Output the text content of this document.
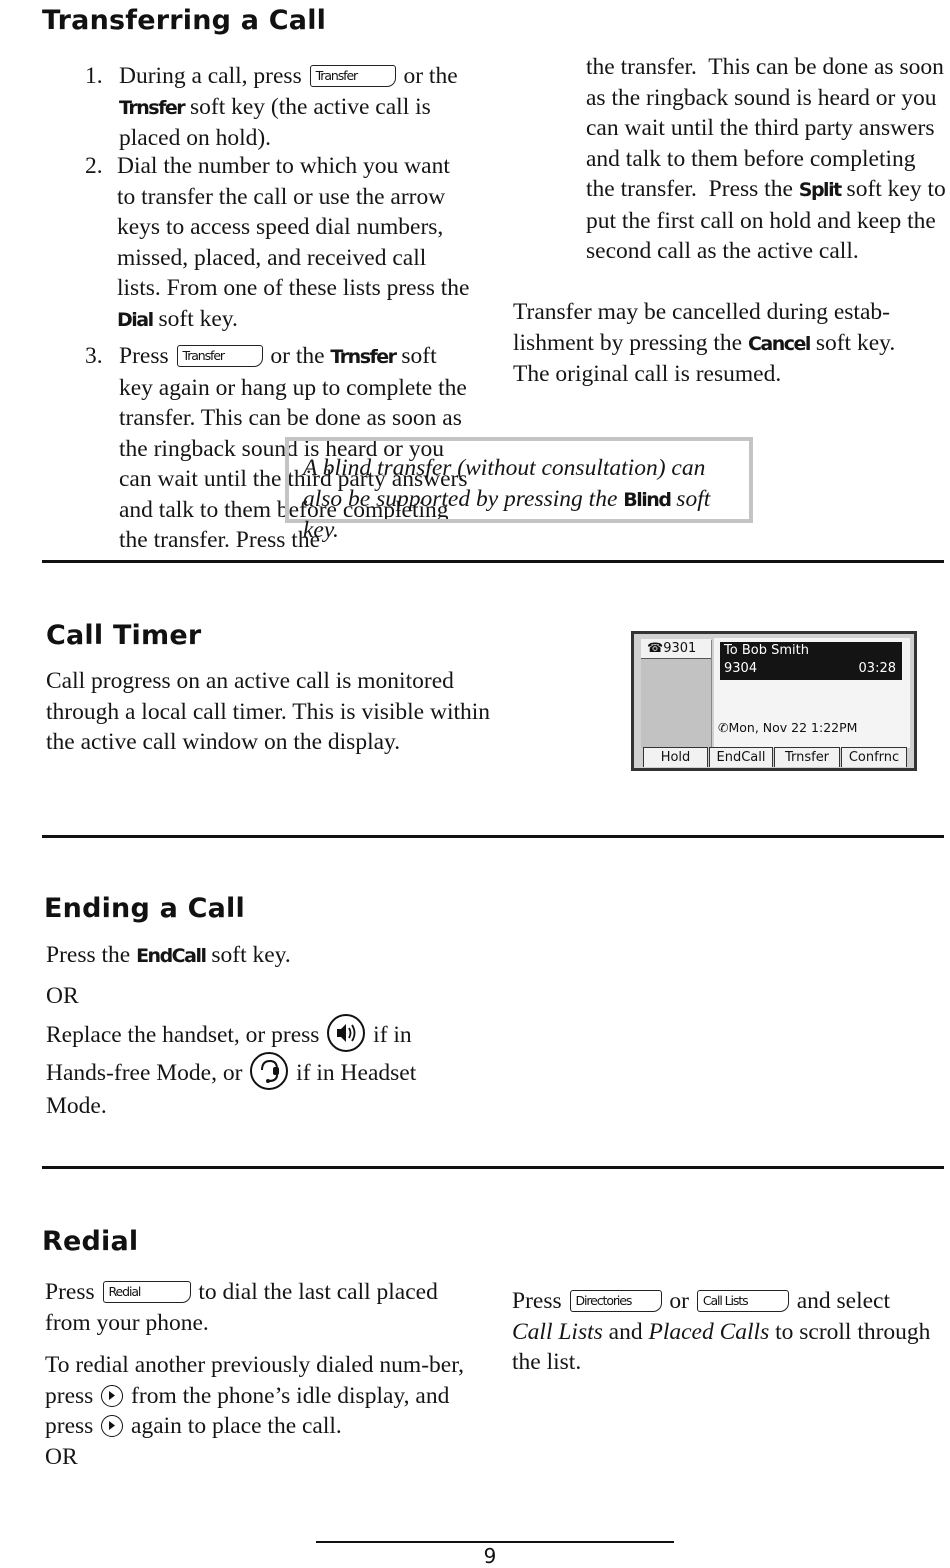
Transferring a Call
1. During a call, press Transfer or the Trnsfer soft key (the active call is placed on hold).
2. Dial the number to which you want to transfer the call or use the arrow keys to access speed dial numbers, missed, placed, and received call lists. From one of these lists press the Dial soft key.
3. Press Transfer or the Trnsfer soft key again or hang up to complete the transfer. This can be done as soon as the ringback sound is heard or you can wait until the third party answers and talk to them before completing the transfer. Press the
the transfer.  This can be done as soon as the ringback sound is heard or you can wait until the third party answers and talk to them before completing the transfer.  Press the Split soft key to put the first call on hold and keep the second call as the active call.
Transfer may be cancelled during estab-lishment by pressing the Cancel soft key. The original call is resumed.
A blind transfer (without consultation) can also be supported by pressing the Blind soft key.
Call Timer
Call progress on an active call is monitored through a local call timer. This is visible within the active call window on the display.
☎9301	To Bob Smith
9304	03:28
✆Mon, Nov 22 1:22PM
Hold	EndCall	Trnsfer	Confrnc
Ending a Call
Press the EndCall soft key.
OR
Replace the handset, or press if in Hands-free Mode, or if in Headset Mode.
Redial
Press Redial to dial the last call placed from your phone.
To redial another previously dialed num-ber, press from the phone’s idle display, and press again to place the call.
OR
Press Directories or Call Lists and select Call Lists and Placed Calls to scroll through the list.
9
